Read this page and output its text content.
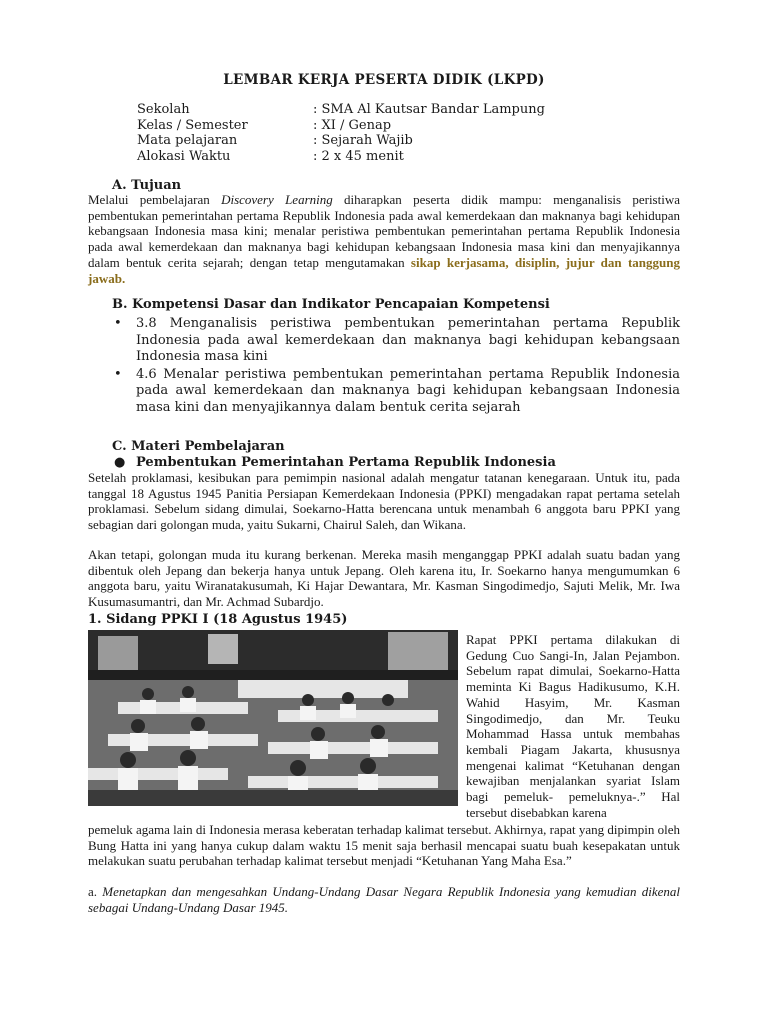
LEMBAR KERJA PESERTA DIDIK (LKPD)
Sekolah	: SMA Al Kautsar Bandar Lampung
Kelas / Semester	: XI / Genap
Mata pelajaran	: Sejarah Wajib
Alokasi Waktu	: 2 x 45 menit
A. Tujuan
Melalui pembelajaran Discovery Learning diharapkan peserta didik mampu: menganalisis peristiwa pembentukan pemerintahan pertama Republik Indonesia pada awal kemerdekaan dan maknanya bagi kehidupan kebangsaan Indonesia masa kini; menalar peristiwa pembentukan pemerintahan pertama Republik Indonesia pada awal kemerdekaan dan maknanya bagi kehidupan kebangsaan Indonesia masa kini dan menyajikannya dalam bentuk cerita sejarah; dengan tetap mengutamakan sikap kerjasama, disiplin, jujur dan tanggung jawab.
B. Kompetensi Dasar dan Indikator Pencapaian Kompetensi
• 3.8 Menganalisis peristiwa pembentukan pemerintahan pertama Republik Indonesia pada awal kemerdekaan dan maknanya bagi kehidupan kebangsaan Indonesia masa kini
• 4.6 Menalar peristiwa pembentukan pemerintahan pertama Republik Indonesia pada awal kemerdekaan dan maknanya bagi kehidupan kebangsaan Indonesia masa kini dan menyajikannya dalam bentuk cerita sejarah
C. Materi Pembelajaran
● Pembentukan Pemerintahan Pertama Republik Indonesia
Setelah proklamasi, kesibukan para pemimpin nasional adalah mengatur tatanan kenegaraan. Untuk itu, pada tanggal 18 Agustus 1945 Panitia Persiapan Kemerdekaan Indonesia (PPKI) mengadakan rapat pertama setelah proklamasi. Sebelum sidang dimulai, Soekarno-Hatta berencana untuk menambah 6 anggota baru PPKI yang sebagian dari golongan muda, yaitu Sukarni, Chairul Saleh, dan Wikana.
Akan tetapi, golongan muda itu kurang berkenan. Mereka masih menganggap PPKI adalah suatu badan yang dibentuk oleh Jepang dan bekerja hanya untuk Jepang. Oleh karena itu, Ir. Soekarno hanya mengumumkan 6 anggota baru, yaitu Wiranatakusumah, Ki Hajar Dewantara, Mr. Kasman Singodimedjo, Sajuti Melik, Mr. Iwa Kusumasumantri, dan Mr. Achmad Subardjo.
1. Sidang PPKI I (18 Agustus 1945)
Rapat PPKI pertama dilakukan di Gedung Cuo Sangi-In, Jalan Pejambon. Sebelum rapat dimulai, Soekarno-Hatta meminta Ki Bagus Hadikusumo, K.H. Wahid Hasyim, Mr. Kasman Singodimedjo, dan Mr. Teuku Mohammad Hassa untuk membahas kembali Piagam Jakarta, khususnya mengenai kalimat “Ketuhanan dengan kewajiban menjalankan syariat Islam bagi pemeluk- pemeluknya-.” Hal tersebut disebabkan karena
pemeluk agama lain di Indonesia merasa keberatan terhadap kalimat tersebut. Akhirnya, rapat yang dipimpin oleh Bung Hatta ini yang hanya cukup dalam waktu 15 menit saja berhasil mencapai suatu buah kesepakatan untuk melakukan suatu perubahan terhadap kalimat tersebut menjadi “Ketuhanan Yang Maha Esa.”
a. Menetapkan dan mengesahkan Undang-Undang Dasar Negara Republik Indonesia yang kemudian dikenal sebagai Undang-Undang Dasar 1945.
